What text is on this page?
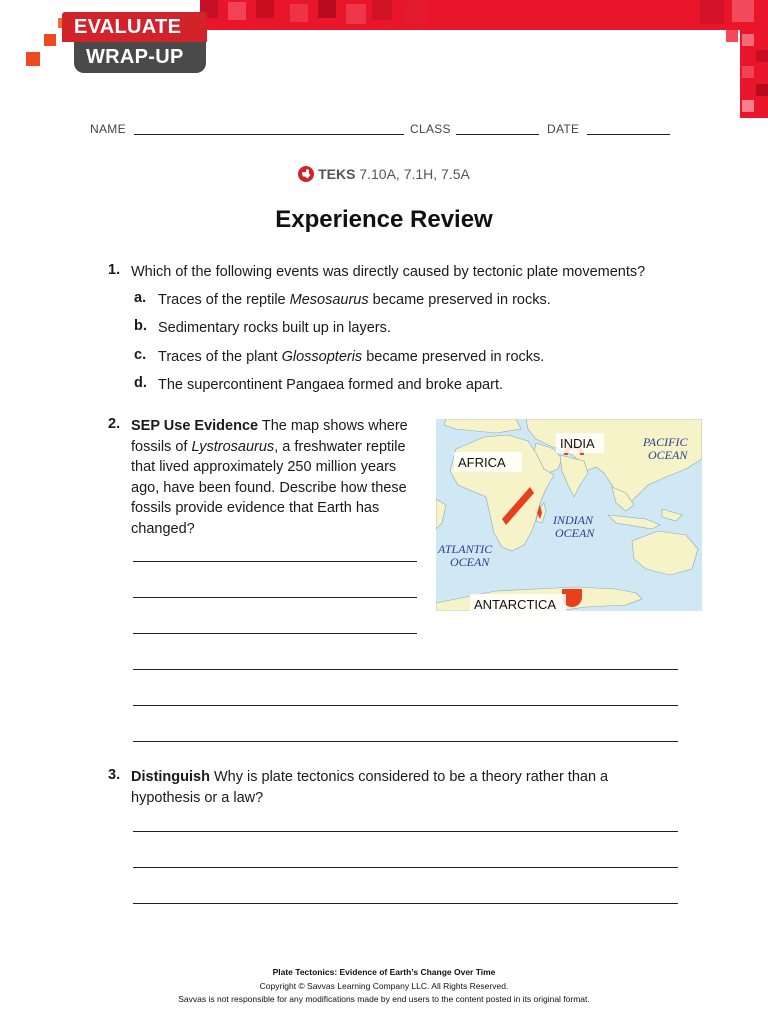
EVALUATE
WRAP-UP
NAME	CLASS	DATE
TEKS 7.10A, 7.1H, 7.5A
Experience Review
1. Which of the following events was directly caused by tectonic plate movements?
a. Traces of the reptile Mesosaurus became preserved in rocks.
b. Sedimentary rocks built up in layers.
c. Traces of the plant Glossopteris became preserved in rocks.
d. The supercontinent Pangaea formed and broke apart.
2. SEP Use Evidence The map shows where
fossils of Lystrosaurus, a freshwater reptile
that lived approximately 250 million years
ago, have been found. Describe how these
fossils provide evidence that Earth has
changed?
AFRICA
INDIA
ANTARCTICA
PACIFIC
OCEAN
INDIAN
OCEAN
ATLANTIC
OCEAN
3. Distinguish Why is plate tectonics considered to be a theory rather than a
hypothesis or a law?
Plate Tectonics: Evidence of Earth’s Change Over Time
Copyright © Savvas Learning Company LLC. All Rights Reserved.
Savvas is not responsible for any modifications made by end users to the content posted in its original format.
